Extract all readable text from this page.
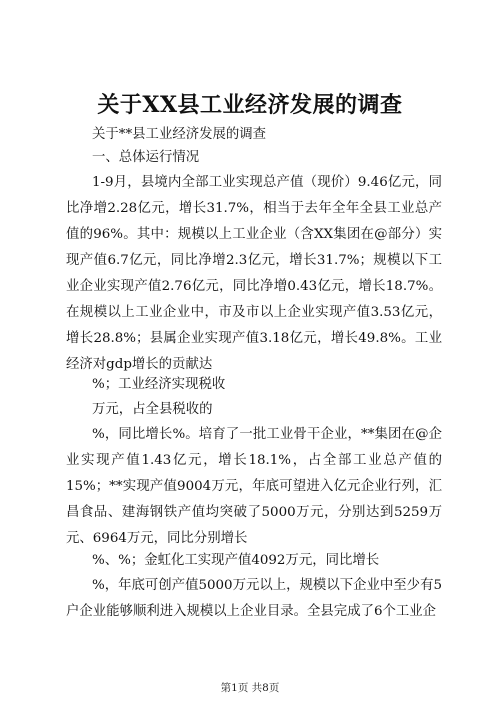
关于XX县工业经济发展的调查

关于**县工业经济发展的调查

一、总体运行情况

1-9月，县境内全部工业实现总产值（现价）9.46亿元，同比净增2.28亿元，增长31.7%，相当于去年全年全县工业总产值的96%。其中：规模以上工业企业（含XX集团在@部分）实现产值6.7亿元，同比净增2.3亿元，增长31.7%；规模以下工业企业实现产值2.76亿元，同比净增0.43亿元，增长18.7%。在规模以上工业企业中，市及市以上企业实现产值3.53亿元，增长28.8%；县属企业实现产值3.18亿元，增长49.8%。工业经济对gdp增长的贡献达

%；工业经济实现税收

万元，占全县税收的

%，同比增长%。培育了一批工业骨干企业，**集团在@企业实现产值1.43亿元，增长18.1%，占全部工业总产值的15%；**实现产值9004万元，年底可望进入亿元企业行列，汇昌食品、建海钢铁产值均突破了5000万元，分别达到5259万元、6964万元，同比分别增长

%、%；金虹化工实现产值4092万元，同比增长

%，年底可创产值5000万元以上，规模以下企业中至少有5户企业能够顺利进入规模以上企业目录。全县完成了6个工业企

第1页 共8页
